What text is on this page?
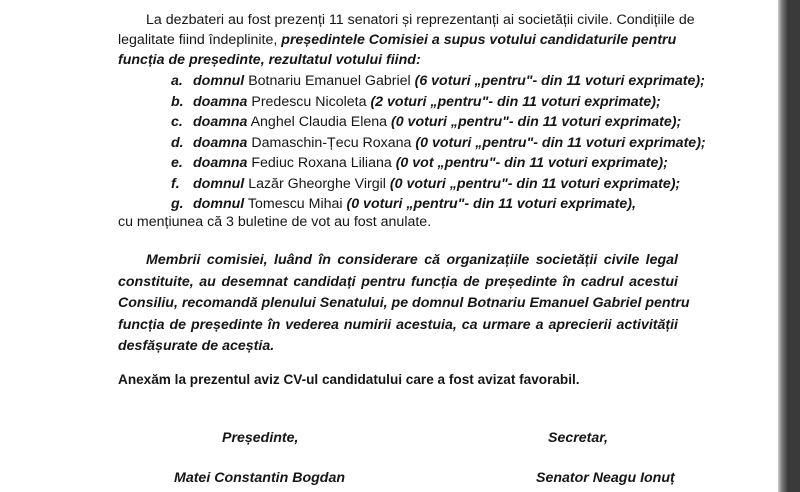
La dezbateri au fost prezenți 11 senatori și reprezentanți ai societății civile. Condițiile de
legalitate fiind îndeplinite, președintele Comisiei a supus votului candidaturile pentru
funcția de președinte, rezultatul votului fiind:
a. domnul Botnariu Emanuel Gabriel (6 voturi „pentru"- din 11 voturi exprimate);
b. doamna Predescu Nicoleta (2 voturi „pentru"- din 11 voturi exprimate);
c. doamna Anghel Claudia Elena (0 voturi „pentru"- din 11 voturi exprimate);
d. doamna Damaschin-Țecu Roxana (0 voturi „pentru"- din 11 voturi exprimate);
e. doamna Fediuc Roxana Liliana (0 vot „pentru"- din 11 voturi exprimate);
f. domnul Lazăr Gheorghe Virgil (0 voturi „pentru"- din 11 voturi exprimate);
g. domnul Tomescu Mihai (0 voturi „pentru"- din 11 voturi exprimate),
cu mențiunea că 3 buletine de vot au fost anulate.
Membrii comisiei, luând în considerare că organizațiile societății civile legal
constituite, au desemnat candidați pentru funcția de președinte în cadrul acestui
Consiliu, recomandă plenului Senatului, pe domnul Botnariu Emanuel Gabriel pentru
funcția de președinte în vederea numirii acestuia, ca urmare a aprecierii activității
desfășurate de aceștia.
Anexăm la prezentul aviz CV-ul candidatului care a fost avizat favorabil.
Președinte,
Matei Constantin Bogdan
Secretar,
Senator Neagu Ionuț
